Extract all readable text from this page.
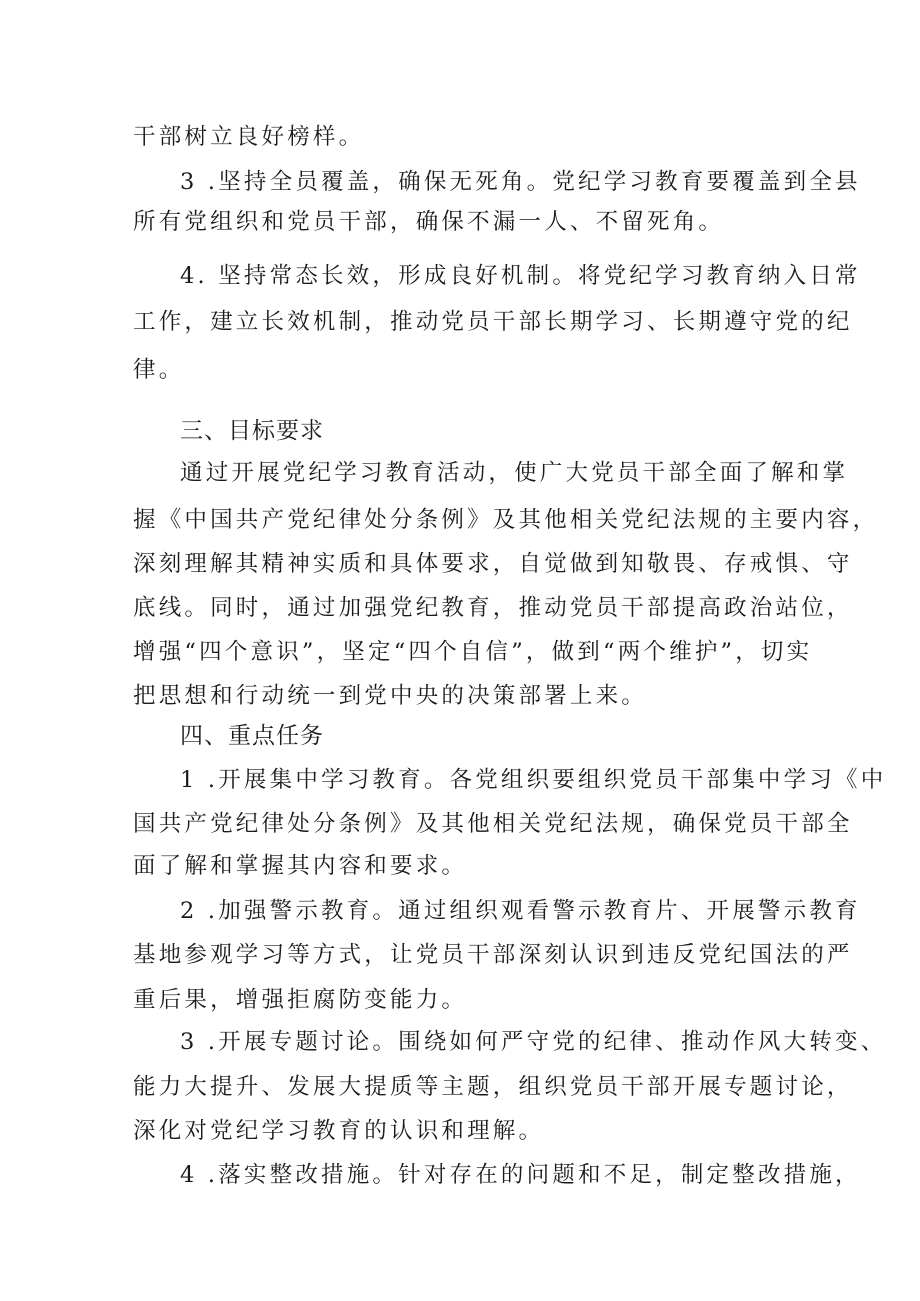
干部树立良好榜样。
3 .坚持全员覆盖，确保无死角。党纪学习教育要覆盖到全县
所有党组织和党员干部，确保不漏一人、不留死角。
4. 坚持常态长效，形成良好机制。将党纪学习教育纳入日常
工作，建立长效机制，推动党员干部长期学习、长期遵守党的纪
律。
三、目标要求
通过开展党纪学习教育活动，使广大党员干部全面了解和掌
握《中国共产党纪律处分条例》及其他相关党纪法规的主要内容，
深刻理解其精神实质和具体要求，自觉做到知敬畏、存戒惧、守
底线。同时，通过加强党纪教育，推动党员干部提高政治站位，
增强“四个意识”，坚定“四个自信”，做到“两个维护”，切实
把思想和行动统一到党中央的决策部署上来。
四、重点任务
1 .开展集中学习教育。各党组织要组织党员干部集中学习《中
国共产党纪律处分条例》及其他相关党纪法规，确保党员干部全
面了解和掌握其内容和要求。
2 .加强警示教育。通过组织观看警示教育片、开展警示教育
基地参观学习等方式，让党员干部深刻认识到违反党纪国法的严
重后果，增强拒腐防变能力。
3 .开展专题讨论。围绕如何严守党的纪律、推动作风大转变、
能力大提升、发展大提质等主题，组织党员干部开展专题讨论，
深化对党纪学习教育的认识和理解。
4 .落实整改措施。针对存在的问题和不足，制定整改措施，
